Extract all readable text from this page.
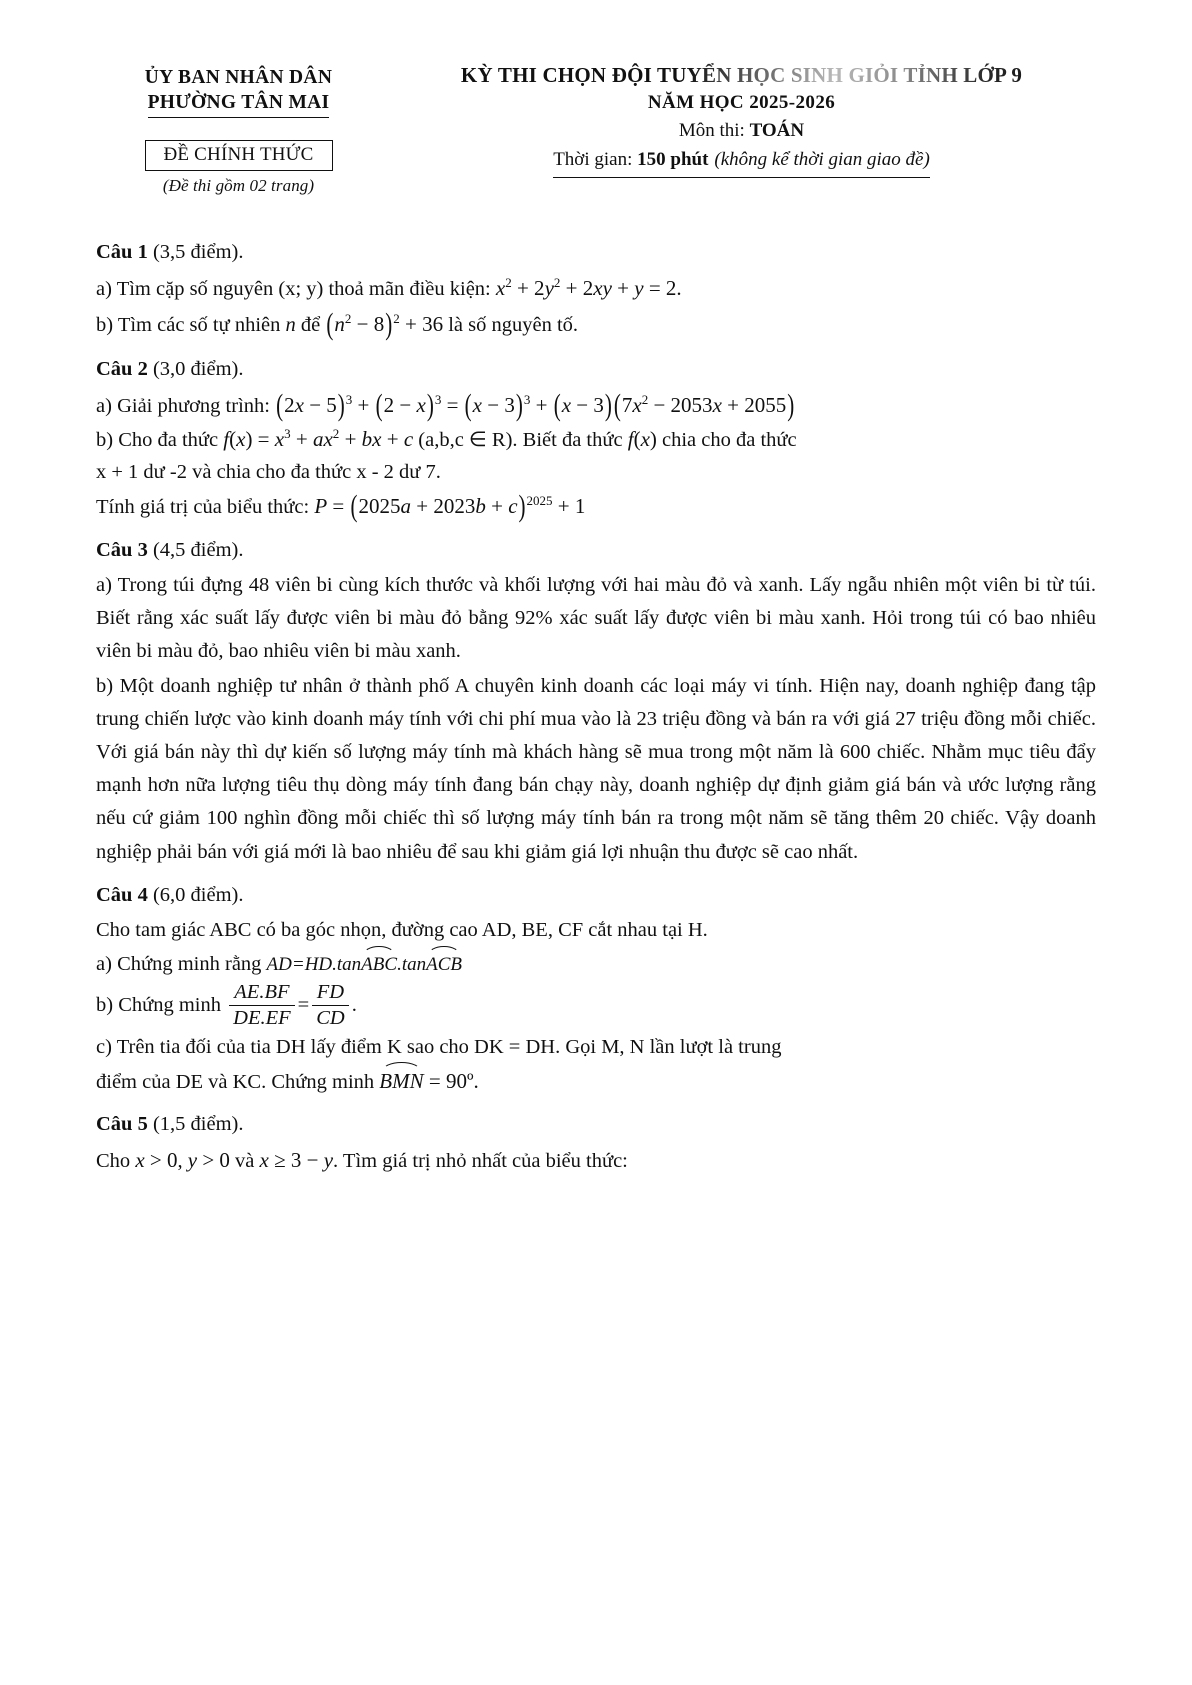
ỦY BAN NHÂN DÂN
PHƯỜNG TÂN MAI
ĐỀ CHÍNH THỨC
(Đề thi gồm 02 trang)
KỲ THI CHỌN ĐỘI TUYỂN HỌC SINH GIỎI TỈNH LỚP 9
NĂM HỌC 2025-2026
Môn thi: TOÁN
Thời gian: 150 phút (không kể thời gian giao đề)
Câu 1 (3,5 điểm).

a) Tìm cặp số nguyên (x; y) thoả mãn điều kiện: $x^2 + 2y^2 + 2xy + y = 2$.

b) Tìm các số tự nhiên n để $(n^2 - 8)^2 + 36$ là số nguyên tố.

Câu 2 (3,0 điểm).

a) Giải phương trình: $(2x - 5)^3 + (2 - x)^3 = (x - 3)^3 + (x - 3)(7x^2 - 2053x + 2055)$

b) Cho đa thức $f(x) = x^3 + ax^2$ + bx + c (a,b,c ∈ R). Biết đa thức f(x) chia cho đa thức

x + 1 dư -2 và chia cho đa thức x - 2 dư 7.

Tính giá trị của biểu thức: $P = (2025a + 2023b + c)^{2025} + 1$

Câu 3 (4,5 điểm).

a) Trong túi đựng 48 viên bi cùng kích thước và khối lượng với hai màu đỏ và xanh. Lấy ngẫu nhiên một viên bi từ túi. Biết rằng xác suất lấy được viên bi màu đỏ bằng 92% xác suất lấy được viên bi màu xanh. Hỏi trong túi có bao nhiêu viên bi màu đỏ, bao nhiêu viên bi màu xanh.

b) Một doanh nghiệp tư nhân ở thành phố A chuyên kinh doanh các loại máy vi tính. Hiện nay, doanh nghiệp đang tập trung chiến lược vào kinh doanh máy tính với chi phí mua vào là 23 triệu đồng và bán ra với giá 27 triệu đồng mỗi chiếc. Với giá bán này thì dự kiến số lượng máy tính mà khách hàng sẽ mua trong một năm là 600 chiếc. Nhằm mục tiêu đẩy mạnh hơn nữa lượng tiêu thụ dòng máy tính đang bán chạy này, doanh nghiệp dự định giảm giá bán và ước lượng rằng nếu cứ giảm 100 nghìn đồng mỗi chiếc thì số lượng máy tính bán ra trong một năm sẽ tăng thêm 20 chiếc. Vậy doanh nghiệp phải bán với giá mới là bao nhiêu để sau khi giảm giá lợi nhuận thu được sẽ cao nhất.

Câu 4 (6,0 điểm).

Cho tam giác ABC có ba góc nhọn, đường cao AD, BE, CF cắt nhau tại H.

a) Chứng minh rằng AD=HD.tanABC.tanACB

b) Chứng minh $\frac{AE.BF}{DE.EF} = \frac{FD}{CD}$ .

c) Trên tia đối của tia DH lấy điểm K sao cho DK = DH. Gọi M, N lần lượt là trung

điểm của DE và KC. Chứng minh BMN = 90º.

Câu 5 (1,5 điểm).

Cho x > 0, y > 0 và x ≥ 3 − y. Tìm giá trị nhỏ nhất của biểu thức:
